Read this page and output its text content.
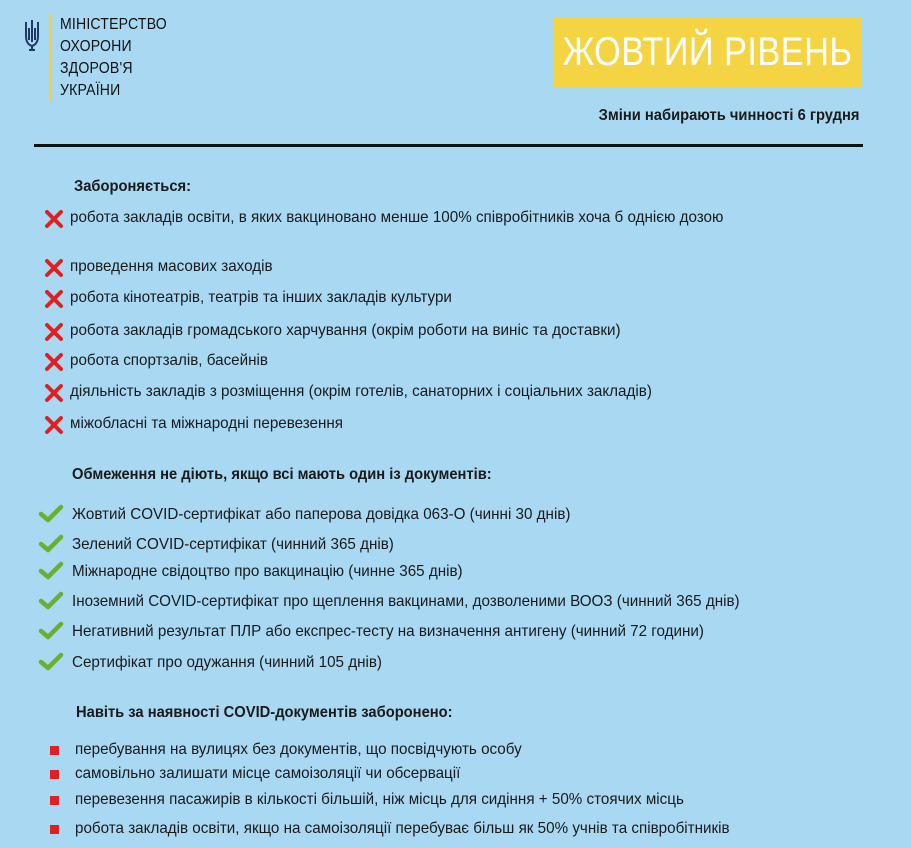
МІНІСТЕРСТВО
ОХОРОНИ
ЗДОРОВ'Я
УКРАЇНИ
ЖОВТИЙ РІВЕНЬ
Зміни набирають чинності 6 грудня
Забороняється:
робота закладів освіти, в яких вакциновано менше 100% співробітників хоча б однією дозою
проведення масових заходів
робота кінотеатрів, театрів та інших закладів культури
робота закладів громадського харчування (окрім роботи на виніс та доставки)
робота спортзалів, басейнів
діяльність закладів з розміщення (окрім готелів, санаторних і соціальних закладів)
міжобласні та міжнародні перевезення
Обмеження не діють, якщо всі мають один із документів:
Жовтий COVID-сертифікат або паперова довідка 063-О (чинні 30 днів)
Зелений COVID-сертифікат (чинний 365 днів)
Міжнародне свідоцтво про вакцинацію (чинне 365 днів)
Іноземний COVID-сертифікат про щеплення вакцинами, дозволеними ВООЗ (чинний 365 днів)
Негативний результат ПЛР або експрес-тесту на визначення антигену (чинний 72 години)
Сертифікат про одужання (чинний 105 днів)
Навіть за наявності COVID-документів заборонено:
перебування на вулицях без документів, що посвідчують особу
самовільно залишати місце самоізоляції чи обсервації
перевезення пасажирів в кількості більшій, ніж місць для сидіння + 50% стоячих місць
робота закладів освіти, якщо на самоізоляції перебуває більш як 50% учнів та співробітників
